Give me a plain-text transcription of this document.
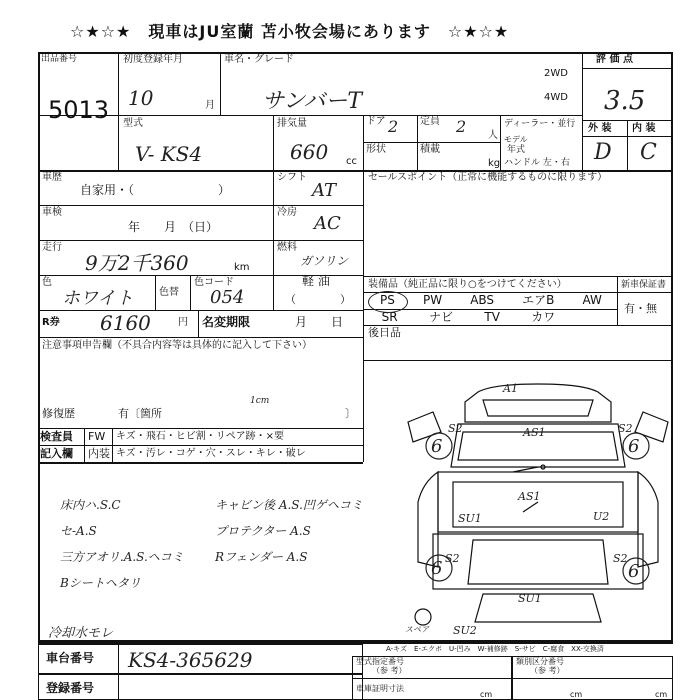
☆★☆★　現車はJU室蘭 苫小牧会場にあります　☆★☆★
出品番号
5013
初度登録年月
10	月
車名・グレード
サンバーT
2WD
4WD
評 価 点
3.5
外 装 内 装
D C
型式
V- KS4
排気量
660 cc
ドア 2 定員 2 人
形状	積載
kg
ディーラー・並行
モデル
年式
ハンドル 左・右
車歴
自家用・（　　　　　　　）
シフト
AT
セールスポイント（正常に機能するものに限ります）
車検
年　　月　（日）
冷房
AC
走行
9万2千360	km
燃料
ガソリン
軽 油
（　　　　）
色
ホワイト	色替
色コード
054
R券 6160	円 名変期限	月　　日
注意事項申告欄（不具合内容等は具体的に記入して下さい）
修復歴	有〔箇所	〕
1cm
検査員 FW キズ・飛石・ヒビ割・リペア跡・×要
記入欄 内装 キズ・汚レ・コゲ・穴・スレ・キレ・破レ
装備品（純正品に限り○をつけてください）	新車保証書
有・無
PS PW ABS エアB AW
SR	ナビ	TV	カワ
後日品
A1
AS1
AS1
SU1	U2
SU1
S2	S2
S2	S2
SU2
スペア
6	6
6	6
床内ハ.S.C
セ-A.S
三方アオリ.A.S.ヘコミ
Bシートヘタリ
キャビン後 A.S.凹ゲヘコミ
プロテクター A.S
Rフェンダー A.S
冷却水モレ
車台番号 KS4-365629
登録番号
A-キズ　E-エクボ　U-凹み　W-補修跡　S-サビ　C-腐食　XX-交換済
型式指定番号
（参 考）
類別区分番号
（参 考）
車庫証明寸法
cm	cm	cm
